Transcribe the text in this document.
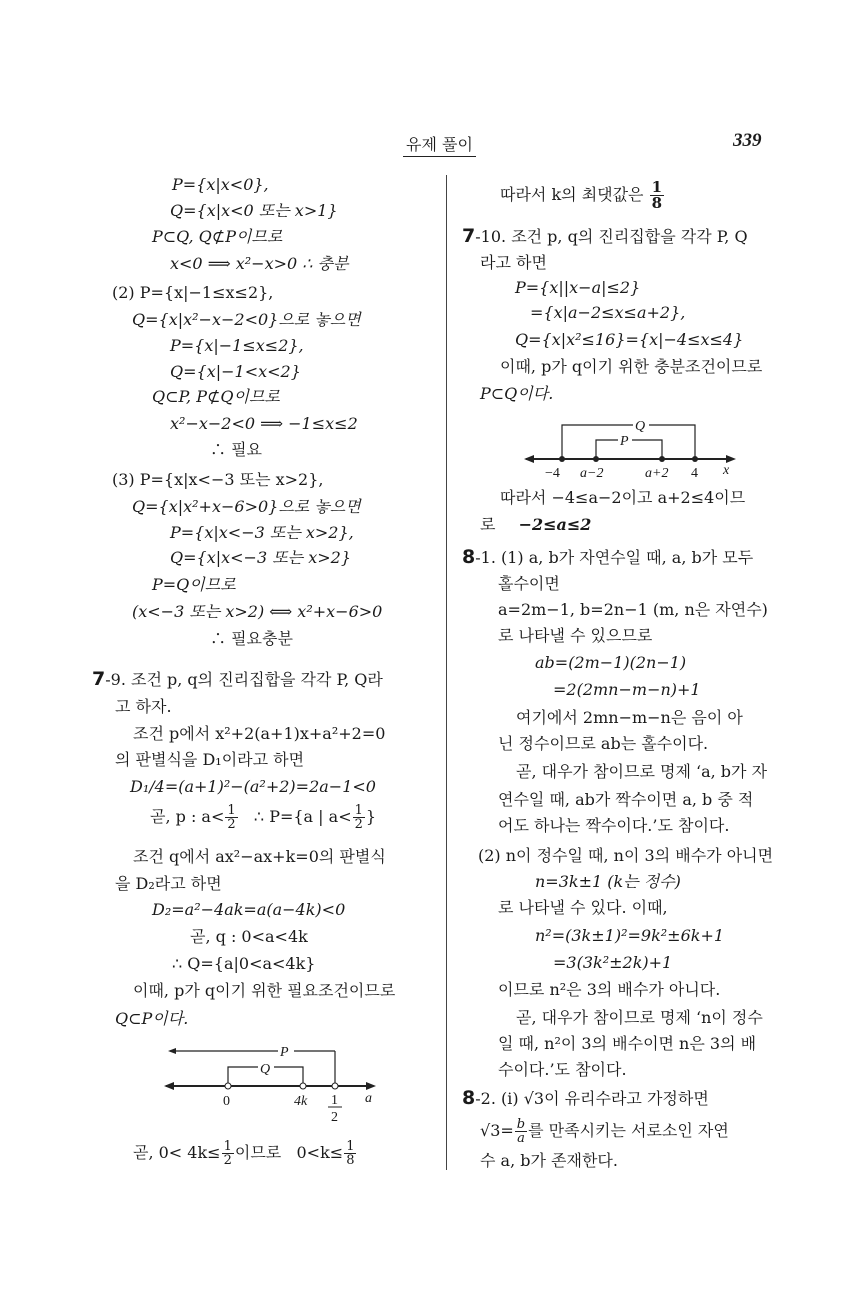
유제 풀이	339
P={x|x<0},
Q={x|x<0 또는 x>1}
P⊂Q, Q⊄P이므로
x<0 ⟹ x²−x>0 ∴ 충분
(2) P={x|−1≤x≤2},
Q={x|x²−x−2<0}으로 놓으면
P={x|−1≤x≤2},
Q={x|−1<x<2}
Q⊂P, P⊄Q이므로
x²−x−2<0 ⟹ −1≤x≤2
∴ 필요
(3) P={x|x<−3 또는 x>2},
Q={x|x²+x−6>0}으로 놓으면
P={x|x<−3 또는 x>2},
Q={x|x<−3 또는 x>2}
P=Q이므로
(x<−3 또는 x>2) ⟺ x²+x−6>0
∴ 필요충분
7-9. 조건 p, q의 진리집합을 각각 P, Q라
고 하자.
조건 p에서 x²+2(a+1)x+a²+2=0
의 판별식을 D₁이라고 하면
D₁/4=(a+1)²−(a²+2)=2a−1<0
곧, p : $a< \frac{1}{2}$ ∴ P={a | $a< \frac{1}{2}$ }
조건 q에서 ax²−ax+k=0의 판별식
을 D₂라고 하면
D₂=a²−4ak=a(a−4k)<0
곧, q : 0<a<4k
∴ Q={a|0<a<4k}
이때, p가 q이기 위한 필요조건이므로
Q⊂P이다.
P
Q
0	4k 1
2
a
곧, $0< 4k\le \frac{1}{2}$ 이므로   $0<k\le \frac{1}{8}$
따라서 k의 최댓값은 $\frac{1}{8}$
7-10. 조건 p, q의 진리집합을 각각 P, Q
라고 하면
P={x||x−a|≤2}
={x|a−2≤x≤a+2},
Q={x|x²≤16}={x|−4≤x≤4}
이때, p가 q이기 위한 충분조건이므로
P⊂Q이다.
Q
P
−4 a−2	a+2 4 x
따라서 −4≤a−2이고 a+2≤4이므
로 −2≤a≤2
8-1. (1) a, b가 자연수일 때, a, b가 모두
홀수이면
a=2m−1, b=2n−1 (m, n은 자연수)
로 나타낼 수 있으므로
ab=(2m−1)(2n−1)
=2(2mn−m−n)+1
여기에서 2mn−m−n은 음이 아
닌 정수이므로 ab는 홀수이다.
곧, 대우가 참이므로 명제 ‘a, b가 자
연수일 때, ab가 짝수이면 a, b 중 적
어도 하나는 짝수이다.’도 참이다.
(2) n이 정수일 때, n이 3의 배수가 아니면
n=3k±1 (k는 정수)
로 나타낼 수 있다. 이때,
n²=(3k±1)²=9k²±6k+1
=3(3k²±2k)+1
이므로 n²은 3의 배수가 아니다.
곧, 대우가 참이므로 명제 ‘n이 정수
일 때, n²이 3의 배수이면 n은 3의 배
수이다.’도 참이다.
8-2. (i) √3이 유리수라고 가정하면
$√3= \frac{b}{a}$ 를 만족시키는 서로소인 자연
수 a, b가 존재한다.
